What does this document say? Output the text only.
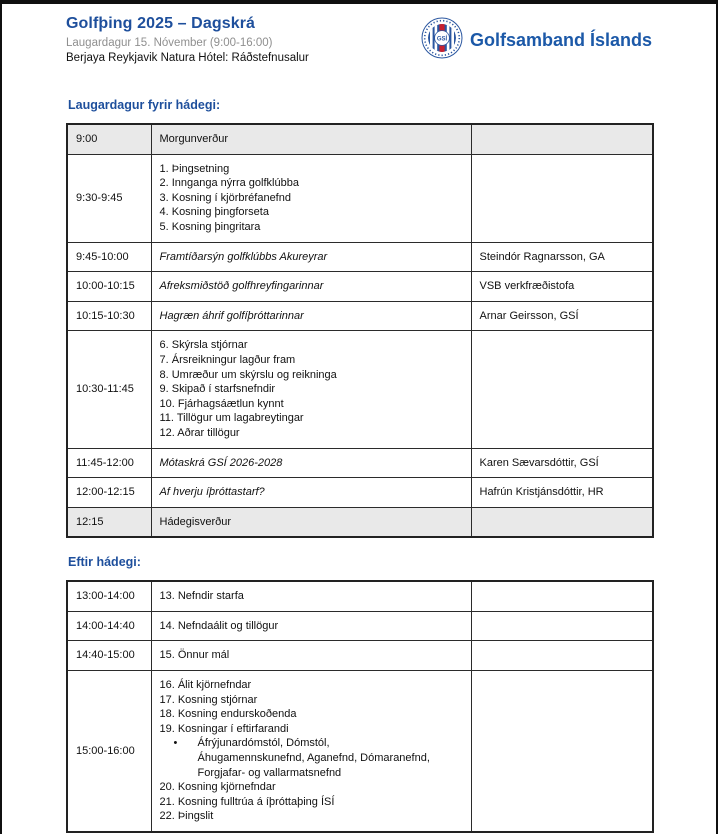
Golfþing 2025 – Dagskrá
Laugardagur 15. Nóvember (9:00-16:00)
Berjaya Reykjavik Natura Hótel: Ráðstefnusalur
GSÍ Golfsamband Íslands
Laugardagur fyrir hádegi:
9:00	Morgunverður	

9:30-9:45	1. Þingsetning
2. Innganga nýrra golfklúbba
3. Kosning í kjörbréfanefnd
4. Kosning þingforseta
5. Kosning þingritara	

9:45-10:00	Framtíðarsýn golfklúbbs Akureyrar	Steindór Ragnarsson, GA
10:00-10:15	Afreksmiðstöð golfhreyfingarinnar	VSB verkfræðistofa
10:15-10:30	Hagræn áhrif golfíþróttarinnar	Arnar Geirsson, GSÍ
10:30-11:45	
6. Skýrsla stjórnar
7. Ársreikningur lagður fram
8. Umræður um skýrslu og reikninga
9. Skipað í starfsnefndir
10. Fjárhagsáætlun kynnt
11. Tillögur um lagabreytingar
12. Aðrar tillögur

11:45-12:00	Mótaskrá GSÍ 2026-2028	Karen Sævarsdóttir, GSÍ
12:00-12:15	Af hverju íþróttastarf?	Hafrún Kristjánsdóttir, HR
12:15	Hádegisverður	

Eftir hádegi:
13:00-14:00	13. Nefndir starfa	

14:00-14:40	14. Nefndaálit og tillögur	

14:40-15:00	15. Önnur mál	

15:00-16:00	
16. Álit kjörnefndar
17. Kosning stjórnar
18. Kosning endurskoðenda
19. Kosningar í eftirfarandi
• Áfrýjunardómstól, Dómstól,
Áhugamennskunefnd, Aganefnd, Dómaranefnd,
Forgjafar- og vallarmatsnefnd
20. Kosning kjörnefndar
21. Kosning fulltrúa á íþróttaþing ÍSÍ
22. Þingslit
